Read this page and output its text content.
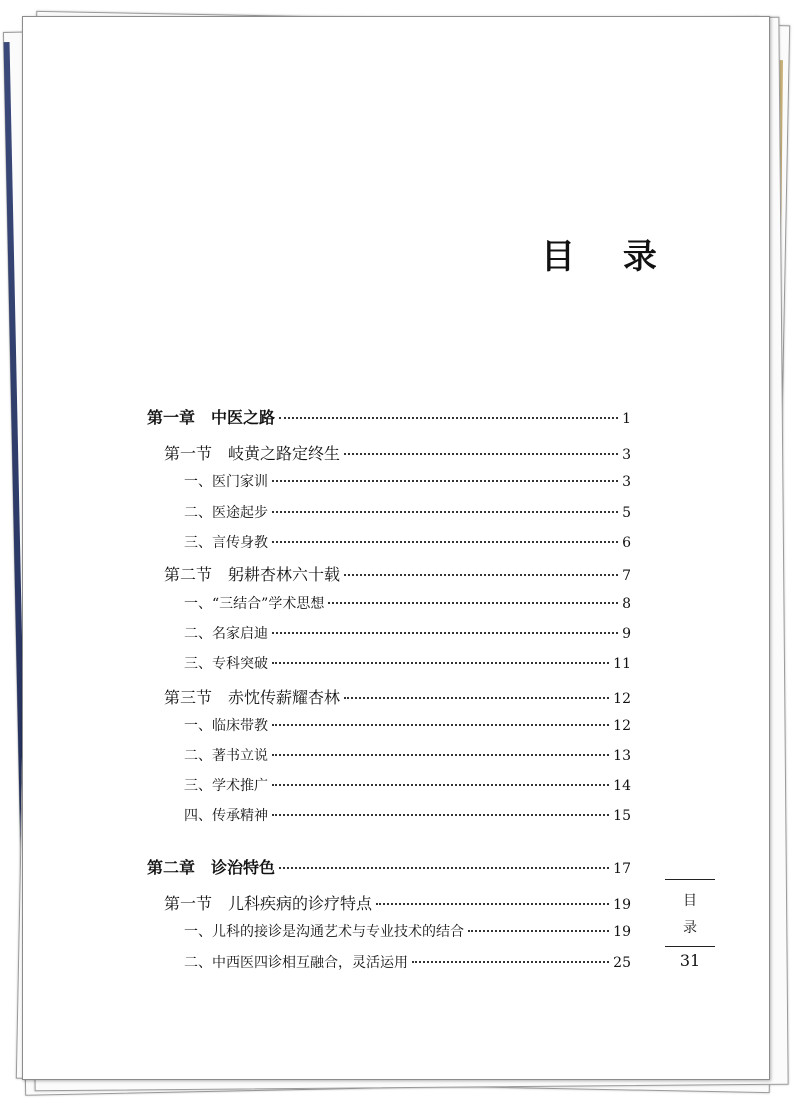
目 录
第一章　中医之路	1
第一节　岐黄之路定终生	3
一、医门家训	3
二、医途起步	5
三、言传身教	6
第二节　躬耕杏林六十载	7
一、“三结合”学术思想	8
二、名家启迪	9
三、专科突破	11
第三节　赤忱传薪耀杏林	12
一、临床带教	12
二、著书立说	13
三、学术推广	14
四、传承精神	15
第二章　诊治特色	17
第一节　儿科疾病的诊疗特点	19
一、儿科的接诊是沟通艺术与专业技术的结合	19
二、中西医四诊相互融合，灵活运用	25
目
录
31
